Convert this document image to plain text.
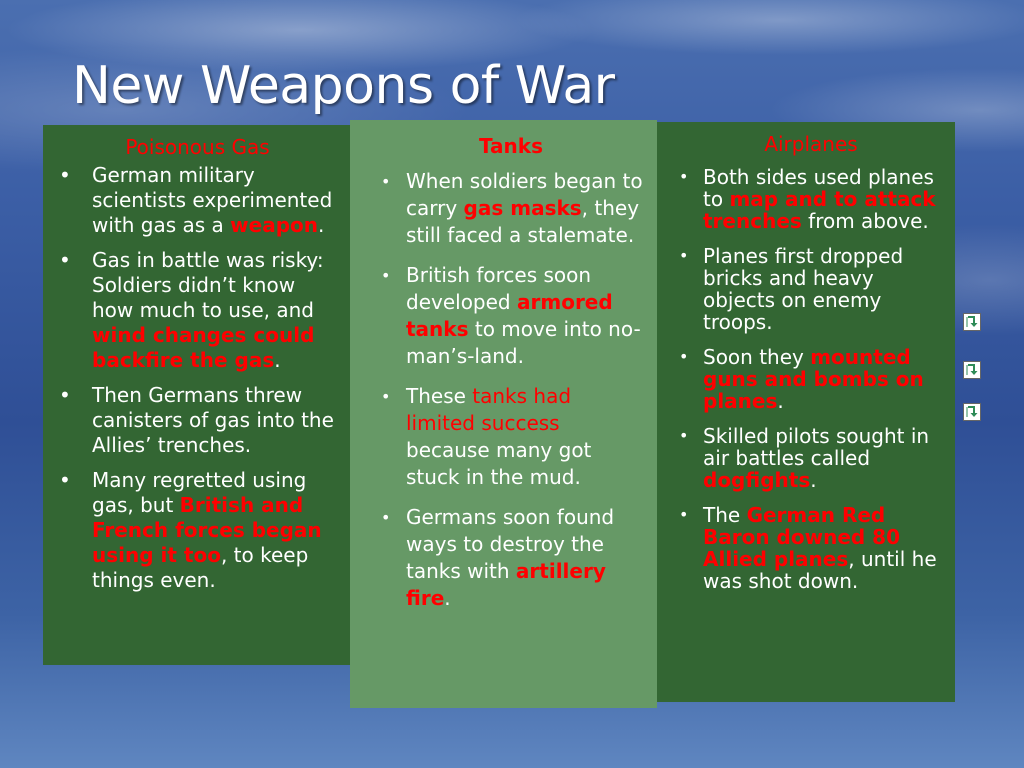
New Weapons of War
Poisonous Gas
• German military scientists experimented with gas as a weapon.
• Gas in battle was risky: Soldiers didn’t know how much to use, and wind changes could backfire the gas.
• Then Germans threw canisters of gas into the Allies’ trenches.
• Many regretted using gas, but British and French forces began using it too, to keep things even.
Tanks
• When soldiers began to carry gas masks, they still faced a stalemate.
• British forces soon developed armored tanks to move into no-man’s-land.
• These tanks had limited success because many got stuck in the mud.
• Germans soon found ways to destroy the tanks with artillery fire.
Airplanes
• Both sides used planes to map and to attack trenches from above.
• Planes first dropped bricks and heavy objects on enemy troops.
• Soon they mounted guns and bombs on planes.
• Skilled pilots sought in air battles called dogfights.
• The German Red Baron downed 80 Allied planes, until he was shot down.
